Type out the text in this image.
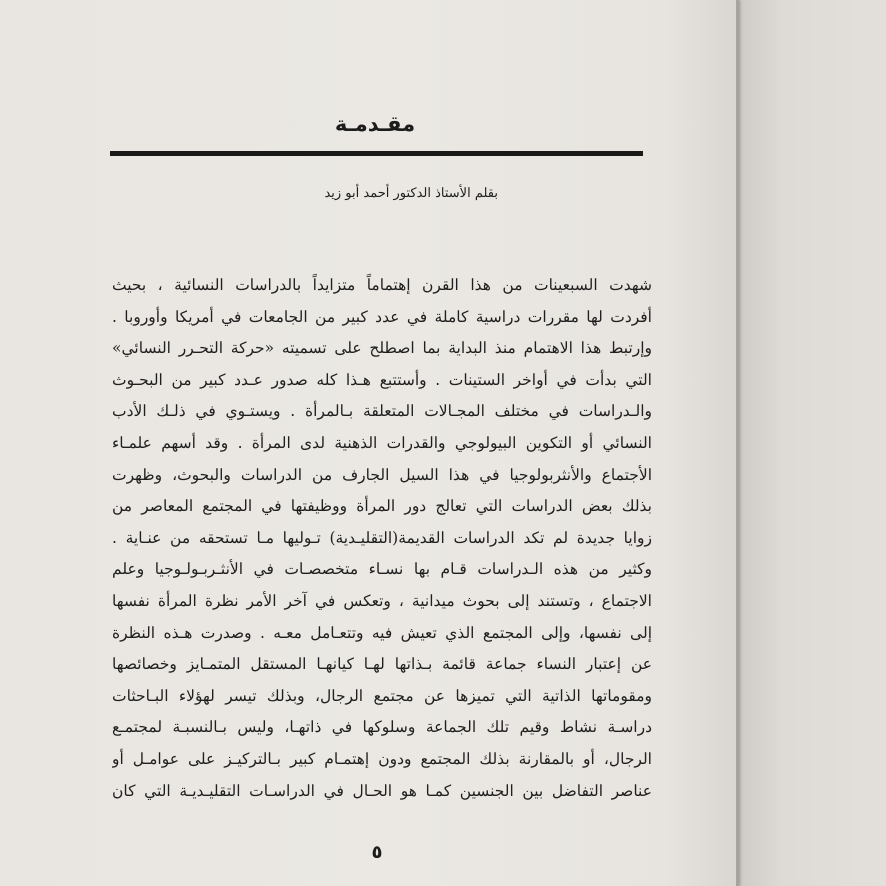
مقـدمـة
بقلم الأستاذ الدكتور أحمد أبو زيد
شهدت السبعينات من هذا القرن إهتماماً متزايداً بالدراسات النسائية ، بحيث
أفردت لها مقررات دراسية كاملة في عدد كبير من الجامعات في أمريكا وأوروبا .
وإرتبط هذا الاهتمام منذ البداية بما اصطلح على تسميته «حركة التحـرر النسائي»
التي بدأت في أواخر الستينات . وأستتبع هـذا كله صدور عـدد كبير من البحـوث
والـدراسات في مختلف المجـالات المتعلقة بـالمرأة . ويستـوي في ذلـك الأدب
النسائي أو التكوين البيولوجي والقدرات الذهنية لدى المرأة . وقد أسهم علمـاء
الأجتماع والأنثربولوجيا في هذا السيل الجارف من الدراسات والبحوث، وظهرت
بذلك بعض الدراسات التي تعالج دور المرأة ووظيفتها في المجتمع المعاصر من
زوايا جديدة لم تكد الدراسات القديمة(التقليـدية) تـوليها مـا تستحقه من عنـاية .
وكثير من هذه الـدراسات قـام بها نسـاء متخصصـات في الأنثـربـولـوجيا وعلم
الاجتماع ، وتستند إلى بحوث ميدانية ، وتعكس في آخر الأمر نظرة المرأة نفسها
إلى نفسها، وإلى المجتمع الذي تعيش فيه وتتعـامل معـه . وصدرت هـذه النظرة
عن إعتبار النساء جماعة قائمة بـذاتها لهـا كيانهـا المستقل المتمـايز وخصائصها
ومقوماتها الذاتية التي تميزها عن مجتمع الرجال، وبذلك تيسر لهؤلاء البـاحثات
دراسـة نشاط وقيم تلك الجماعة وسلوكها في ذاتهـا، وليس بـالنسبـة لمجتمـع
الرجال، أو بالمقارنة بذلك المجتمع ودون إهتمـام كبير بـالتركيـز على عوامـل أو
عناصر التفاضل بين الجنسين كمـا هو الحـال في الدراسـات التقليـديـة التي كان
٥
